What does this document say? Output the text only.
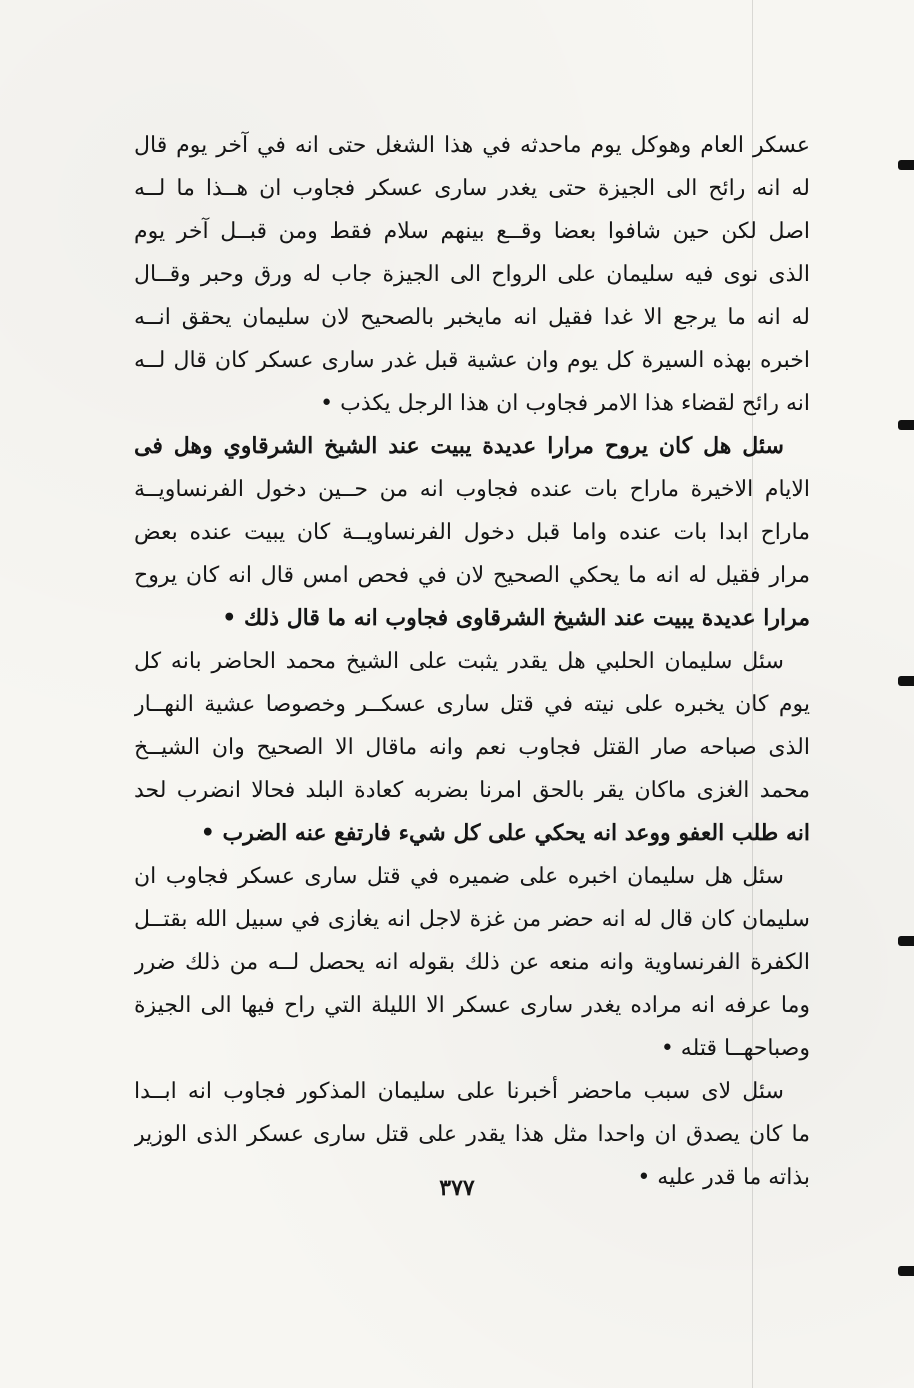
عسكر العام وهوكل يوم ماحدثه في هذا الشغل حتى انه في آخر يوم قال
له انه رائح الى الجيزة حتى يغدر سارى عسكر فجاوب ان هــذا ما لــه
اصل لكن حين شافوا بعضا وقــع بينهم سلام فقط ومن قبــل آخر يوم
الذى نوى فيه سليمان على الرواح الى الجيزة جاب له ورق وحبر وقــال
له انه ما يرجع الا غدا فقيل انه مايخبر بالصحيح لان سليمان يحقق انــه
اخبره بهذه السيرة كل يوم وان عشية قبل غدر سارى عسكر كان قال لــه
انه رائح لقضاء هذا الامر فجاوب ان هذا الرجل يكذب •
سئل هل كان يروح مرارا عديدة يبيت عند الشيخ الشرقاوي وهل فى
الايام الاخيرة ماراح بات عنده فجاوب انه من حــين دخول الفرنساويــة
ماراح ابدا بات عنده واما قبل دخول الفرنساويــة كان يبيت عنده بعض
مرار فقيل له انه ما يحكي الصحيح لان في فحص امس قال انه كان يروح
مرارا عديدة يبيت عند الشيخ الشرقاوى فجاوب انه ما قال ذلك •
سئل سليمان الحلبي هل يقدر يثبت على الشيخ محمد الحاضر بانه كل
يوم كان يخبره على نيته في قتل سارى عسكــر وخصوصا عشية النهــار
الذى صباحه صار القتل فجاوب نعم وانه ماقال الا الصحيح وان الشيــخ
محمد الغزى ماكان يقر بالحق امرنا بضربه كعادة البلد فحالا انضرب لحد
انه طلب العفو ووعد انه يحكي على كل شيء فارتفع عنه الضرب •
سئل هل سليمان اخبره على ضميره في قتل سارى عسكر فجاوب ان
سليمان كان قال له انه حضر من غزة لاجل انه يغازى في سبيل الله بقتــل
الكفرة الفرنساوية وانه منعه عن ذلك بقوله انه يحصل لــه من ذلك ضرر
وما عرفه انه مراده يغدر سارى عسكر الا الليلة التي راح فيها الى الجيزة
وصباحهــا قتله •
سئل لاى سبب ماحضر أخبرنا على سليمان المذكور فجاوب انه ابــدا
ما كان يصدق ان واحدا مثل هذا يقدر على قتل سارى عسكر الذى الوزير
بذاته ما قدر عليه •
٣٧٧
